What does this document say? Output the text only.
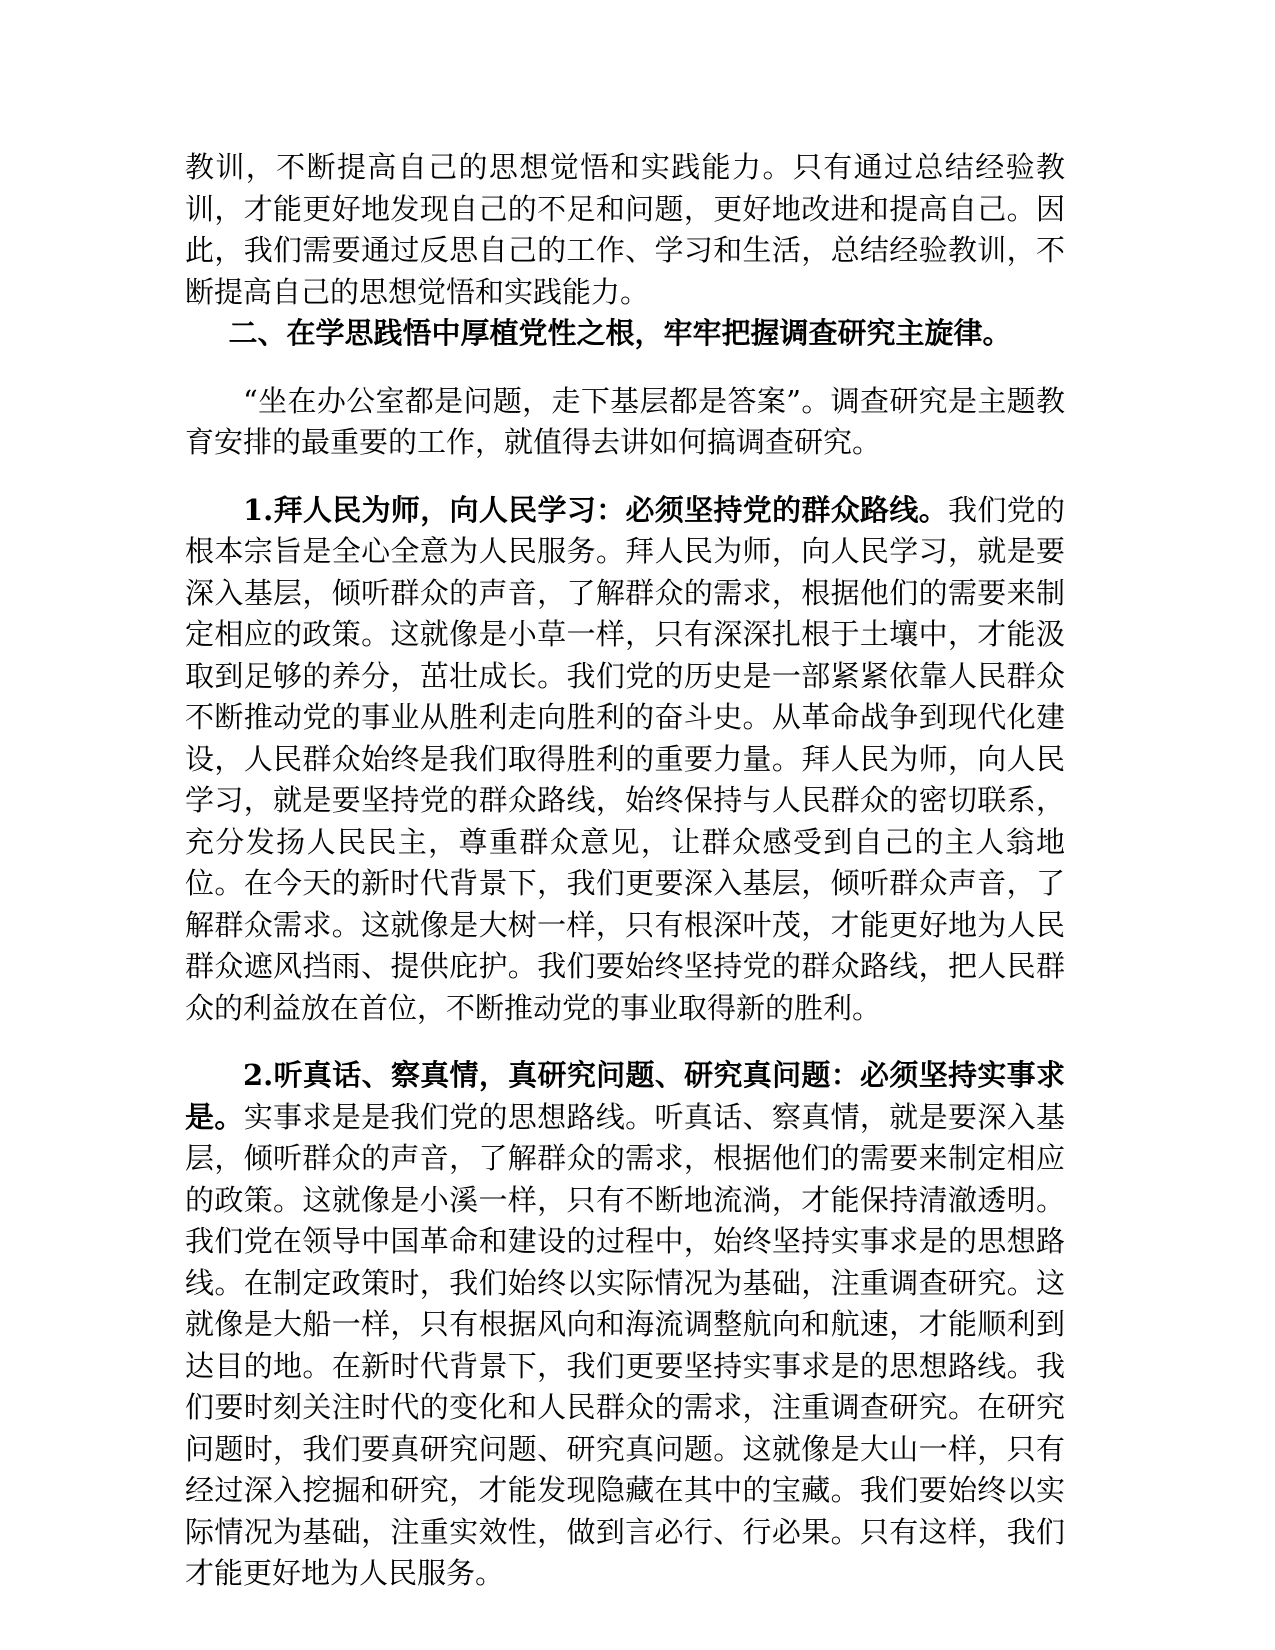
教训，不断提高自己的思想觉悟和实践能力。只有通过总结经验教训，才能更好地发现自己的不足和问题，更好地改进和提高自己。因此，我们需要通过反思自己的工作、学习和生活，总结经验教训，不断提高自己的思想觉悟和实践能力。

二、在学思践悟中厚植党性之根，牢牢把握调查研究主旋律。

“坐在办公室都是问题，走下基层都是答案”。调查研究是主题教育安排的最重要的工作，就值得去讲如何搞调查研究。

1.拜人民为师，向人民学习：必须坚持党的群众路线。我们党的根本宗旨是全心全意为人民服务。拜人民为师，向人民学习，就是要深入基层，倾听群众的声音，了解群众的需求，根据他们的需要来制定相应的政策。这就像是小草一样，只有深深扎根于土壤中，才能汲取到足够的养分，茁壮成长。我们党的历史是一部紧紧依靠人民群众不断推动党的事业从胜利走向胜利的奋斗史。从革命战争到现代化建设，人民群众始终是我们取得胜利的重要力量。拜人民为师，向人民学习，就是要坚持党的群众路线，始终保持与人民群众的密切联系，充分发扬人民民主，尊重群众意见，让群众感受到自己的主人翁地位。在今天的新时代背景下，我们更要深入基层，倾听群众声音，了解群众需求。这就像是大树一样，只有根深叶茂，才能更好地为人民群众遮风挡雨、提供庇护。我们要始终坚持党的群众路线，把人民群众的利益放在首位，不断推动党的事业取得新的胜利。

2.听真话、察真情，真研究问题、研究真问题：必须坚持实事求是。实事求是是我们党的思想路线。听真话、察真情，就是要深入基层，倾听群众的声音，了解群众的需求，根据他们的需要来制定相应的政策。这就像是小溪一样，只有不断地流淌，才能保持清澈透明。我们党在领导中国革命和建设的过程中，始终坚持实事求是的思想路线。在制定政策时，我们始终以实际情况为基础，注重调查研究。这就像是大船一样，只有根据风向和海流调整航向和航速，才能顺利到达目的地。在新时代背景下，我们更要坚持实事求是的思想路线。我们要时刻关注时代的变化和人民群众的需求，注重调查研究。在研究问题时，我们要真研究问题、研究真问题。这就像是大山一样，只有经过深入挖掘和研究，才能发现隐藏在其中的宝藏。我们要始终以实际情况为基础，注重实效性，做到言必行、行必果。只有这样，我们才能更好地为人民服务。
